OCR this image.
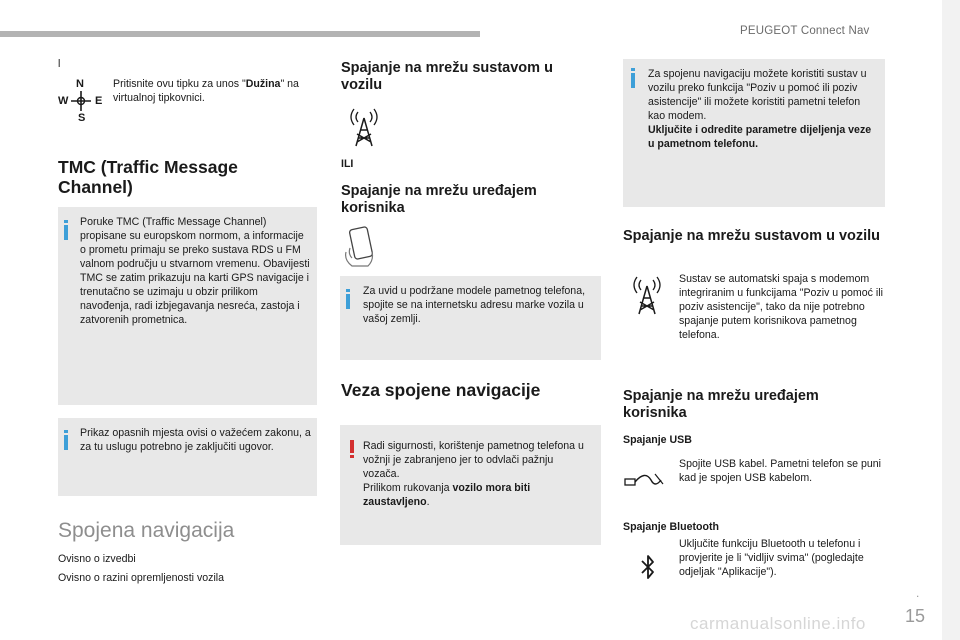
PEUGEOT Connect Nav
.
15
carmanualsonline.info
l
N
S
W E
Pritisnite ovu tipku za unos "Dužina" na virtualnoj tipkovnici.
TMC (Traffic Message Channel)
Poruke TMC (Traffic Message Channel) propisane su europskom normom, a informacije o prometu primaju se preko sustava RDS u FM valnom području u stvarnom vremenu. Obavijesti TMC se zatim prikazuju na karti GPS navigacije i trenutačno se uzimaju u obzir prilikom navođenja, radi izbjegavanja nesreća, zastoja i zatvorenih prometnica.
Prikaz opasnih mjesta ovisi o važećem zakonu, a za tu uslugu potrebno je zaključiti ugovor.
Spojena navigacija
Ovisno o izvedbi
Ovisno o razini opremljenosti vozila
Spajanje na mrežu sustavom u vozilu
ILI
Spajanje na mrežu uređajem korisnika
Za uvid u podržane modele pametnog telefona, spojite se na internetsku adresu marke vozila u vašoj zemlji.
Veza spojene navigacije
Radi sigurnosti, korištenje pametnog telefona u vožnji je zabranjeno jer to odvlači pažnju vozača.
Prilikom rukovanja vozilo mora biti zaustavljeno.
Za spojenu navigaciju možete koristiti sustav u vozilu preko funkcija "Poziv u pomoć ili poziv asistencije" ili možete koristiti pametni telefon kao modem.
Uključite i odredite parametre dijeljenja veze u pametnom telefonu.
Spajanje na mrežu sustavom u vozilu
Sustav se automatski spaja s modemom integriranim u funkcijama "Poziv u pomoć ili poziv asistencije", tako da nije potrebno spajanje putem korisnikova pametnog telefona.
Spajanje na mrežu uređajem korisnika
Spajanje USB
Spojite USB kabel. Pametni telefon se puni kad je spojen USB kabelom.
Spajanje Bluetooth
Uključite funkciju Bluetooth u telefonu i provjerite je li "vidljiv svima" (pogledajte odjeljak "Aplikacije").
